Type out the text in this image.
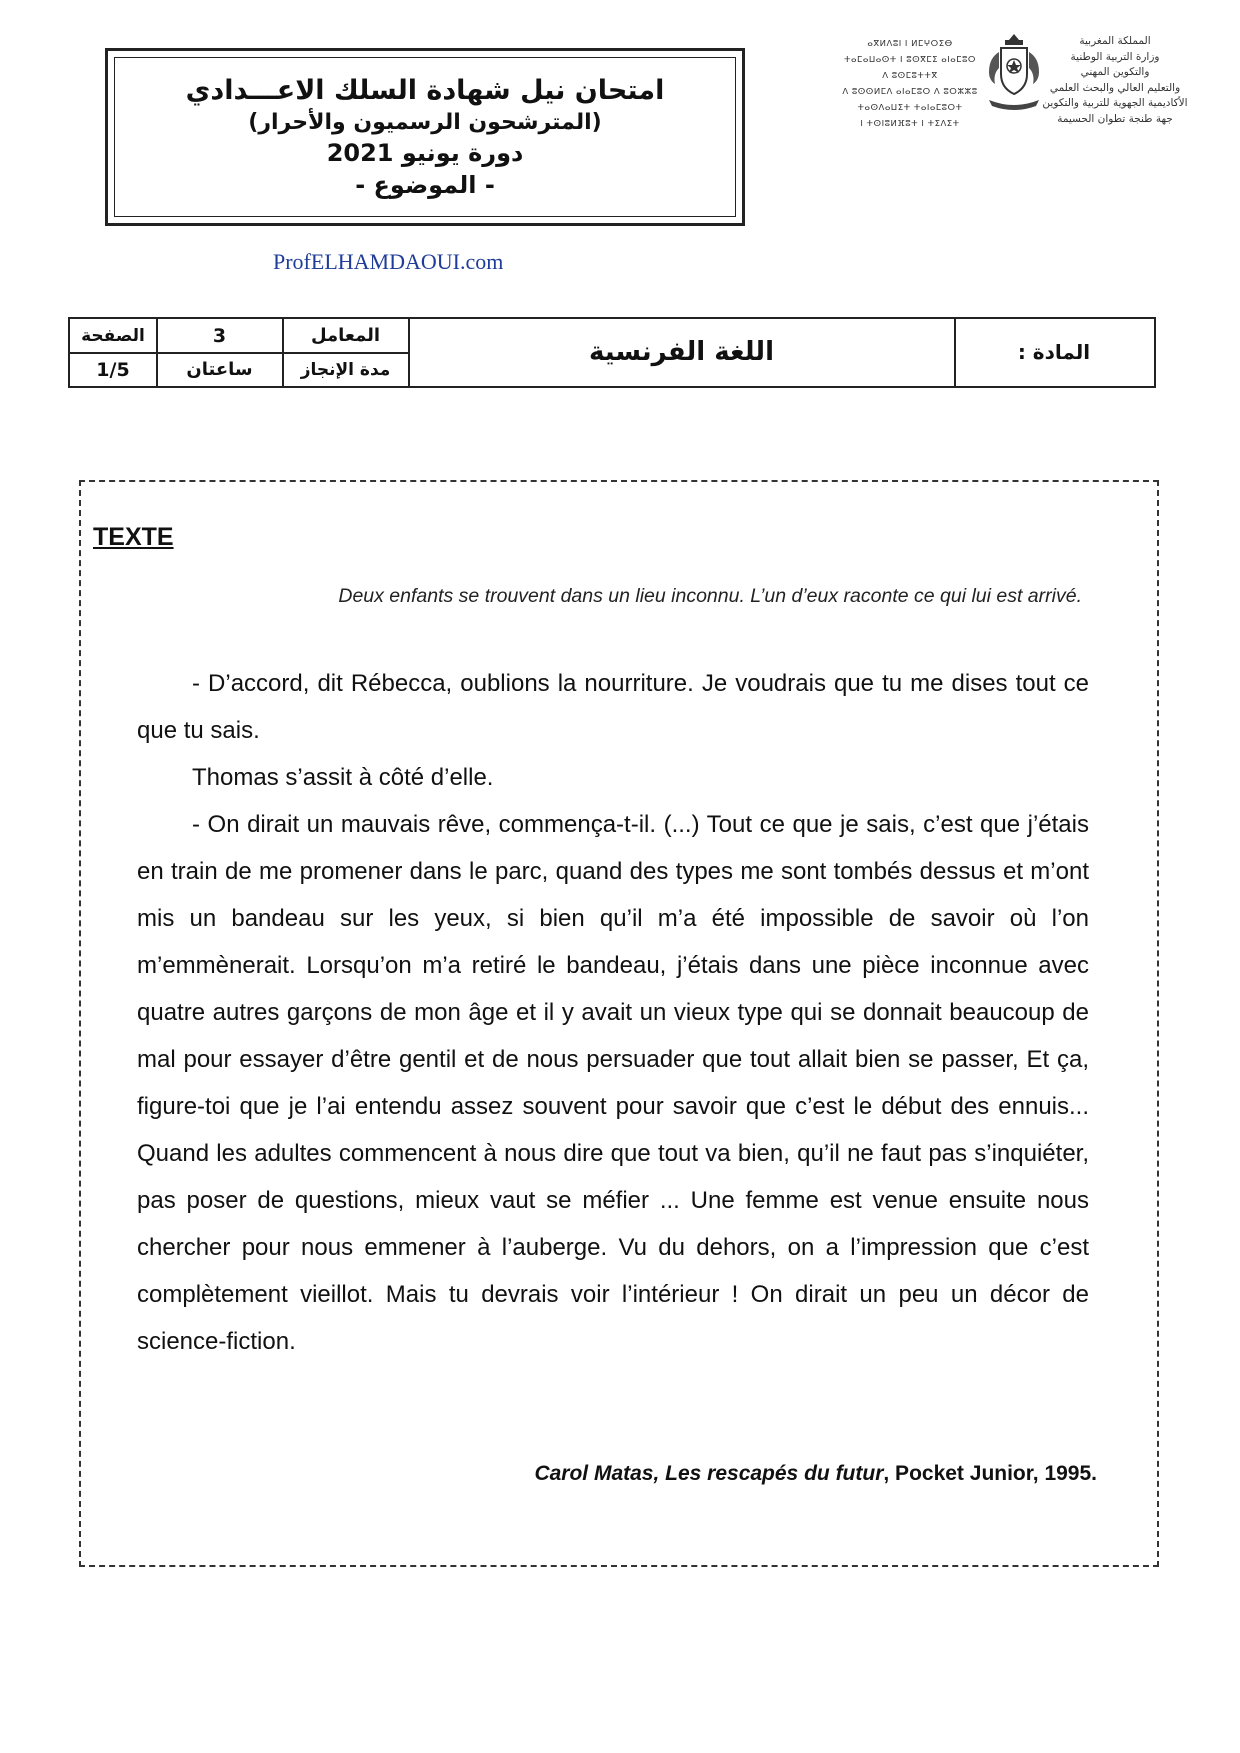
امتحان نيل شهادة السلك الاعـــدادي
(المترشحون الرسميون والأحرار)
دورة يونيو 2021
- الموضوع -
ⴰⴳⵍⴷⵓⵏ ⵏ ⵍⵎⵖⵔⵉⴱ
ⵜⴰⵎⴰⵡⴰⵙⵜ ⵏ ⵓⵙⴳⵎⵉ ⴰⵏⴰⵎⵓⵔ
ⴷ ⵓⵙⵎⵓⵜⵜⴳ
ⴷ ⵓⵙⵙⵍⵎⴷ ⴰⵏⴰⵎⵓⵔ ⴷ ⵓⵔⵣⵣⵓ
ⵜⴰⵙⴷⴰⵡⵉⵜ ⵜⴰⵏⴰⵎⵓⵔⵜ
ⵏ ⵜⵙⵏⵓⵍⴼⵓⵜ ⵏ ⵜⵉⴷⵉⵜ
المملكة المغربية
وزارة التربية الوطنية
والتكوين المهني
والتعليم العالي والبحث العلمي
الأكاديمية الجهوية للتربية والتكوين
جهة طنجة تطوان الحسيمة
ProfELHAMDAOUI.com
الصفحة
1/5
3
ساعتان
المعامل
مدة الإنجاز
اللغة الفرنسية	المادة :
TEXTE

Deux enfants se trouvent dans un lieu inconnu. L’un d’eux raconte ce qui lui est arrivé.

- D’accord, dit Rébecca, oublions la nourriture. Je voudrais que tu me dises tout ce que tu sais.

Thomas s’assit à côté d’elle.

- On dirait un mauvais rêve, commença-t-il. (...) Tout ce que je sais, c’est que j’étais en train de me promener dans le parc, quand des types me sont tombés dessus et m’ont mis un bandeau sur les yeux, si bien qu’il m’a été impossible de savoir où l’on m’emmènerait. Lorsqu’on m’a retiré le bandeau, j’étais dans une pièce inconnue avec quatre autres garçons de mon âge et il y avait un vieux type qui se donnait beaucoup de mal pour essayer d’être gentil et de nous persuader que tout allait bien se passer, Et ça, figure-toi que je l’ai entendu assez souvent pour savoir que c’est le début des ennuis... Quand les adultes commencent à nous dire que tout va bien, qu’il ne faut pas s’inquiéter, pas poser de questions, mieux vaut se méfier ... Une femme est venue ensuite nous chercher pour nous emmener à l’auberge. Vu du dehors, on a l’impression que c’est complètement vieillot. Mais tu devrais voir l’intérieur ! On dirait un peu un décor de science-fiction.

Carol Matas, Les rescapés du futur, Pocket Junior, 1995.
